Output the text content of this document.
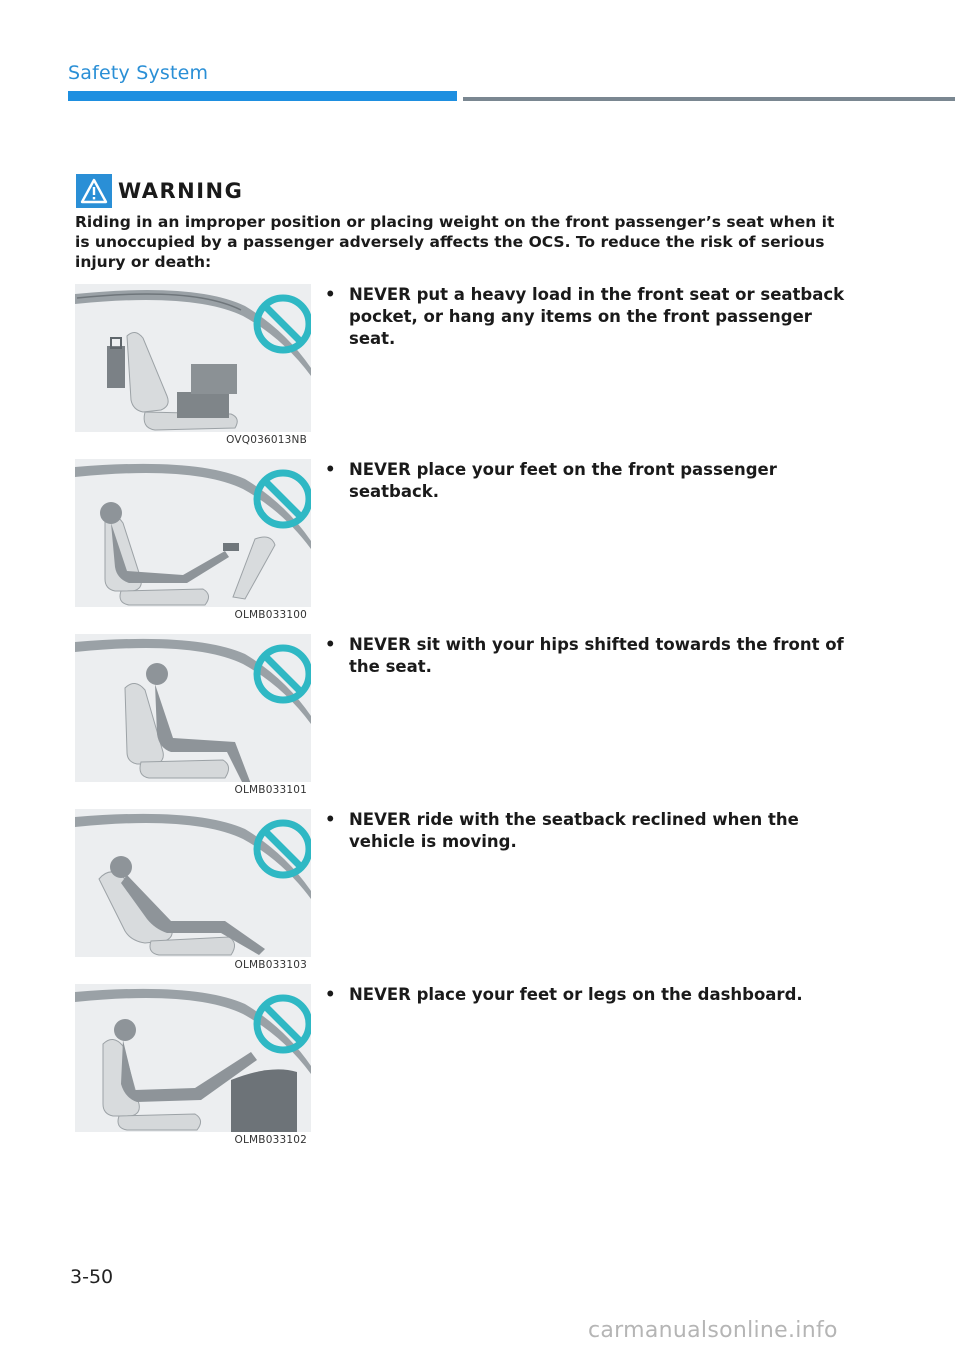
Safety System
WARNING
Riding in an improper position or placing weight on the front passenger’s seat when it is unoccupied by a passenger adversely affects the OCS. To reduce the risk of serious injury or death:
OVQ036013NB
• NEVER put a heavy load in the front seat or seatback pocket, or hang any items on the front passenger seat.
OLMB033100
• NEVER place your feet on the front passenger seatback.
OLMB033101
• NEVER sit with your hips shifted towards the front of the seat.
OLMB033103
• NEVER ride with the seatback reclined when the vehicle is moving.
OLMB033102
• NEVER place your feet or legs on the dashboard.
3-50
carmanualsonline.info
